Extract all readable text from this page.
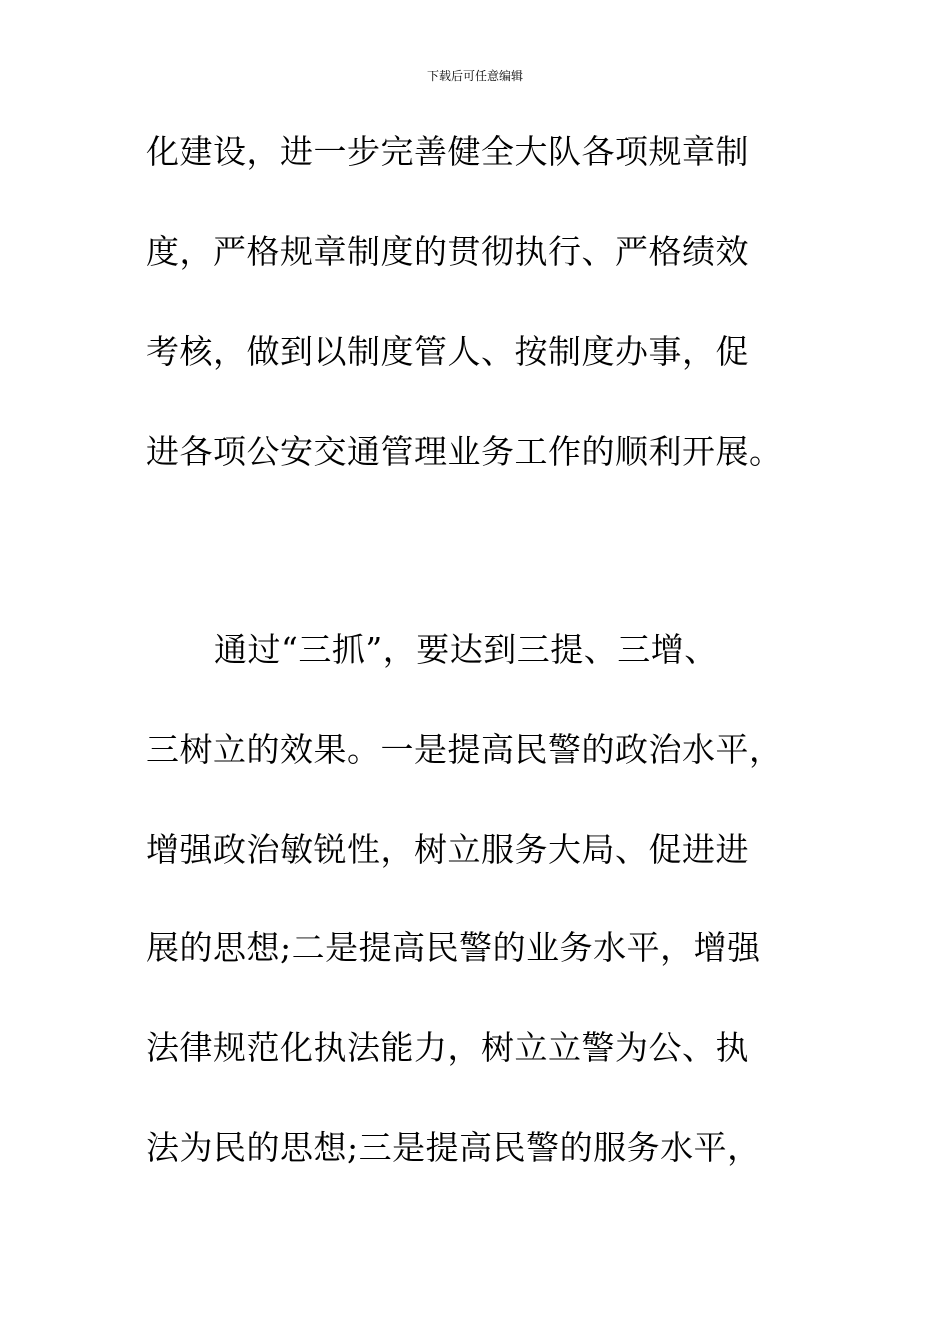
下载后可任意编辑
化建设，进一步完善健全大队各项规章制
度，严格规章制度的贯彻执行、严格绩效
考核，做到以制度管人、按制度办事，促
进各项公安交通管理业务工作的顺利开展。
通过“三抓”，要达到三提、三增、
三树立的效果。一是提高民警的政治水平，
增强政治敏锐性，树立服务大局、促进进
展的思想;二是提高民警的业务水平，增强
法律规范化执法能力，树立立警为公、执
法为民的思想;三是提高民警的服务水平，
